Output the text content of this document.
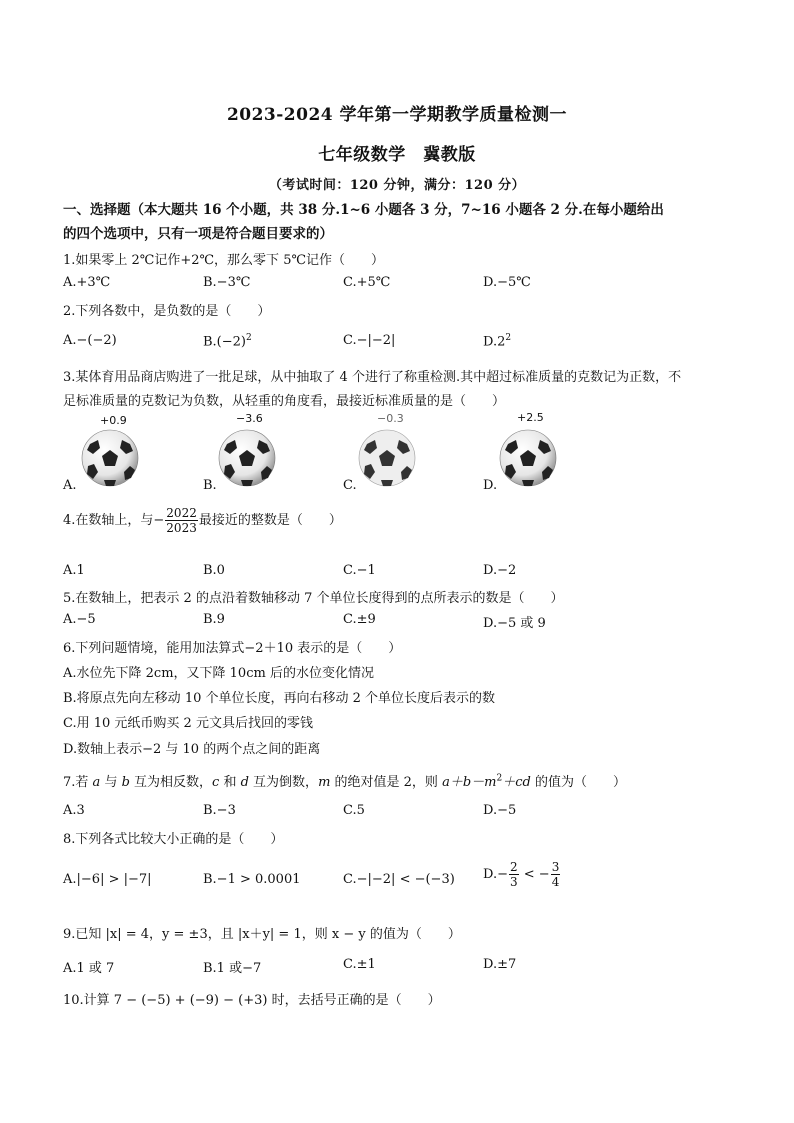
2023-2024 学年第一学期教学质量检测一
七年级数学　冀教版
（考试时间：120 分钟，满分：120 分）
一、选择题（本大题共 16 个小题，共 38 分.1~6 小题各 3 分，7~16 小题各 2 分.在每小题给出
的四个选项中，只有一项是符合题目要求的）
1.如果零上 2℃记作+2℃，那么零下 5℃记作（　　）
A.+3℃	B.−3℃	C.+5℃	D.−5℃
2.下列各数中，是负数的是（　　）
A.−(−2)	$B.(-2)^2$	C.−|−2|	$D.2^2$
3.某体育用品商店购进了一批足球，从中抽取了 4 个进行了称重检测.其中超过标准质量的克数记为正数，不
足标准质量的克数记为负数，从轻重的角度看，最接近标准质量的是（　　）
+0.9	−3.6	−0.3	+2.5
A.	B.	C.	D.
4.在数轴上，与− $\frac{2022}{2023}$ 最接近的整数是（　　）
A.1	B.0	C.−1	D.−2
5.在数轴上，把表示 2 的点沿着数轴移动 7 个单位长度得到的点所表示的数是（　　）
A.−5	B.9	C.±9	D.−5 或 9
6.下列问题情境，能用加法算式−2＋10 表示的是（　　）
A.水位先下降 2cm，又下降 10cm 后的水位变化情况
B.将原点先向左移动 10 个单位长度，再向右移动 2 个单位长度后表示的数
C.用 10 元纸币购买 2 元文具后找回的零钱
D.数轴上表示−2 与 10 的两个点之间的距离
7.若 a 与 b 互为相反数，c 和 d 互为倒数，m 的绝对值是 2，则 $a+b-m^2+cd$ 的值为（　　）
A.3	B.−3	C.5	D.−5
8.下列各式比较大小正确的是（　　）
A.|−6| > |−7|	B.−1 > 0.0001	C.−|−2| < −(−3) $D.- \frac{2}{3}$ < − $\frac{3}{4}$
9.已知 |x| = 4，y = ±3，且 |x＋y| = 1，则 x − y 的值为（　　）
A.1 或 7	B.1 或−7	C.±1	D.±7
10.计算 7 − (−5) + (−9) − (+3) 时，去括号正确的是（　　）
